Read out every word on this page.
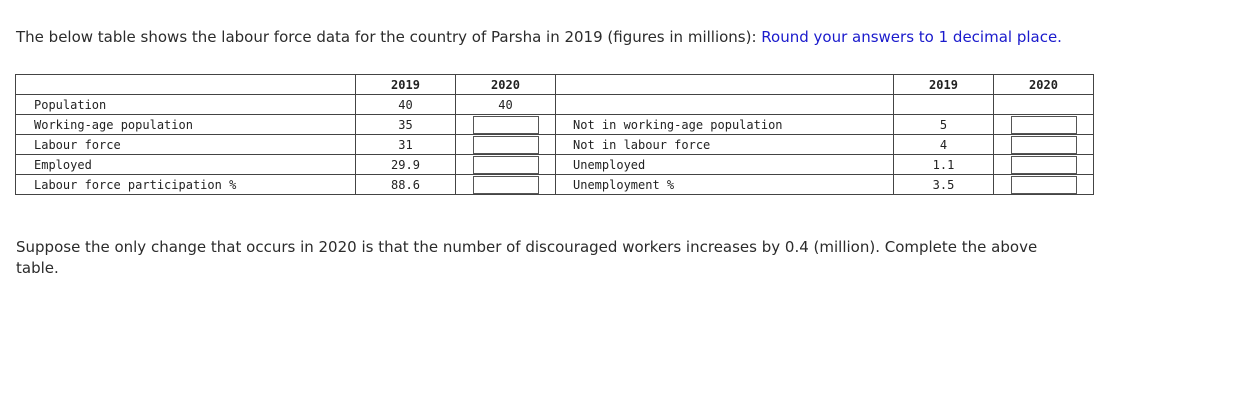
The below table shows the labour force data for the country of Parsha in 2019 (figures in millions): Round your answers to 1 decimal place.

	2019	2020		2019	2020
Population	40	40			
Working-age population	35		Not in working-age population	5	
Labour force	31		Not in labour force	4	
Employed	29.9		Unemployed	1.1	
Labour force participation %	88.6		Unemployment %	3.5	

Suppose the only change that occurs in 2020 is that the number of discouraged workers increases by 0.4 (million). Complete the above table.
